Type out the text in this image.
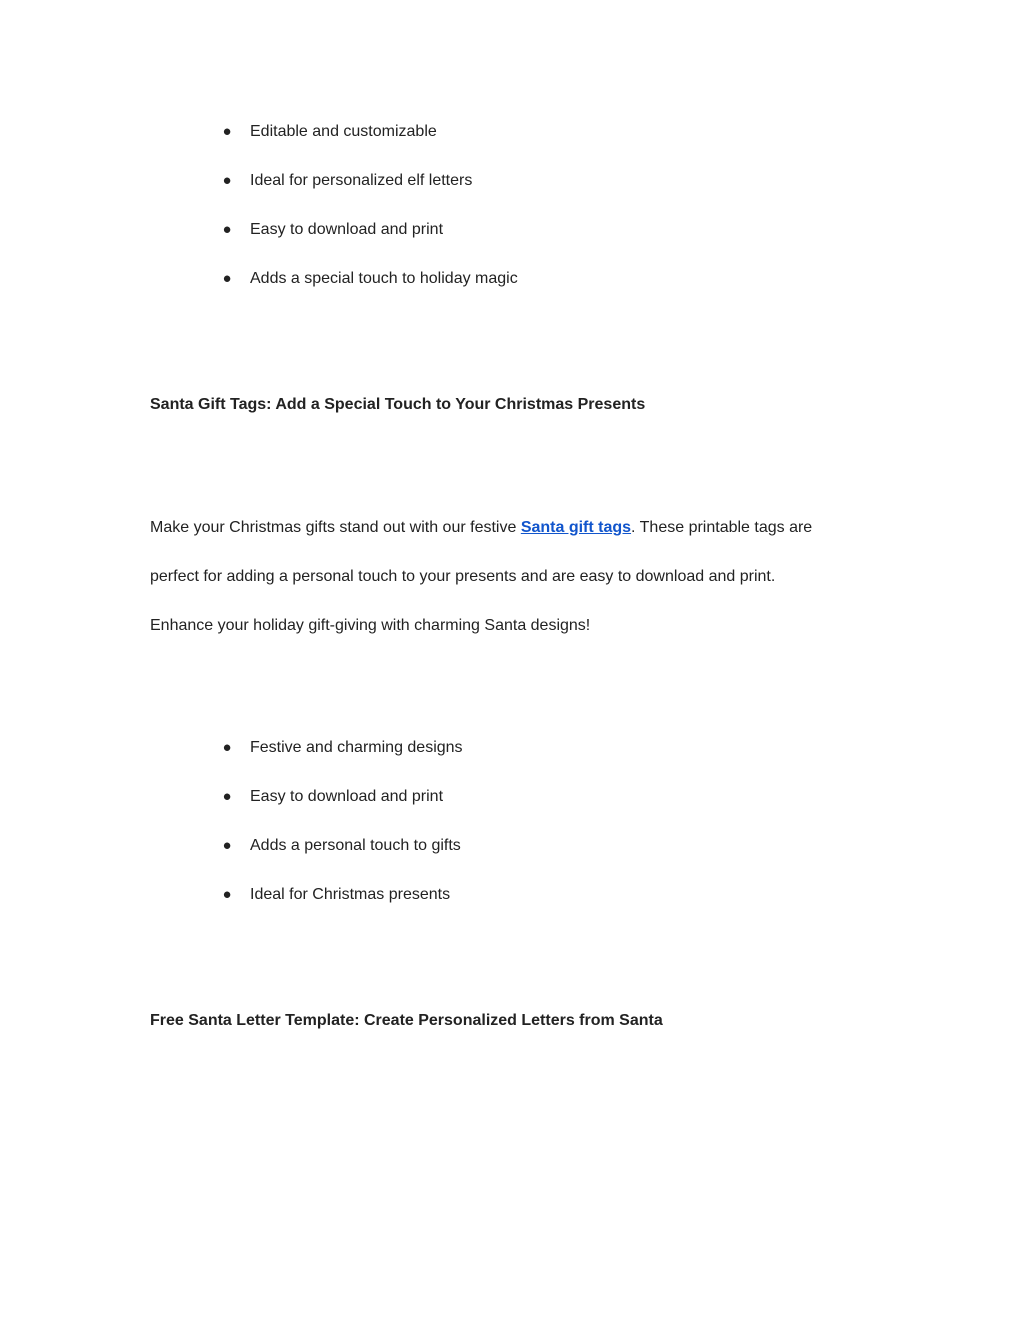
● Editable and customizable
● Ideal for personalized elf letters
● Easy to download and print
● Adds a special touch to holiday magic
Santa Gift Tags: Add a Special Touch to Your Christmas Presents

Make your Christmas gifts stand out with our festive Santa gift tags. These printable tags are
perfect for adding a personal touch to your presents and are easy to download and print.
Enhance your holiday gift-giving with charming Santa designs!

● Festive and charming designs
● Easy to download and print
● Adds a personal touch to gifts
● Ideal for Christmas presents
Free Santa Letter Template: Create Personalized Letters from Santa
